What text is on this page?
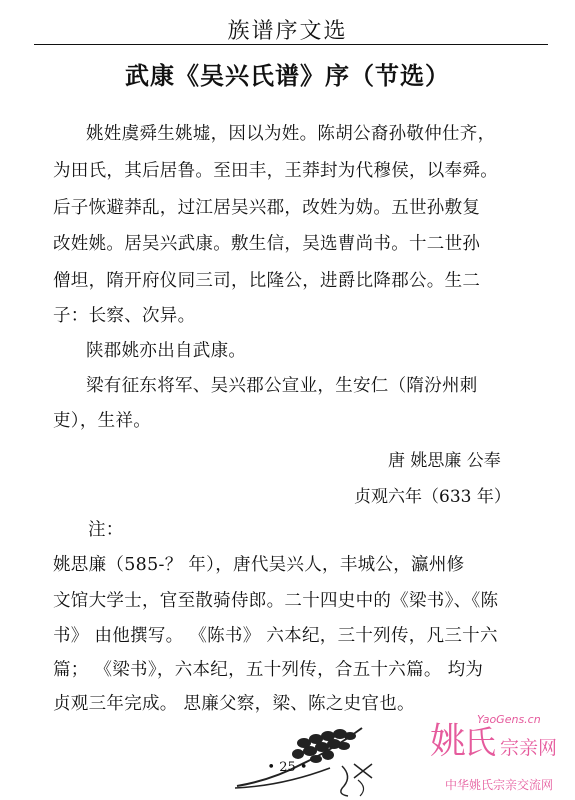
族谱序文选
武康《吴兴氏谱》序（节选）
姚姓虞舜生姚墟，因以为姓。陈胡公裔孙敬仲仕齐，
为田氏，其后居鲁。至田丰，王莽封为代穆侯，以奉舜。
后子恢避莽乱，过江居吴兴郡，改姓为妫。五世孙敷复
改姓姚。居吴兴武康。敷生信，吴选曹尚书。十二世孙
僧坦，隋开府仪同三司，比隆公，进爵比降郡公。生二
子：长察、次异。
陕郡姚亦出自武康。
梁有征东将军、吴兴郡公宣业，生安仁（隋汾州刺
吏），生祥。
唐 姚思廉 公奉
贞观六年（633 年）
注：
姚思廉（585-？ 年），唐代吴兴人，丰城公，瀛州修
文馆大学士，官至散骑侍郎。二十四史中的《梁书》、《陈
书》 由他撰写。 《陈书》 六本纪，三十列传，凡三十六
篇； 《梁书》，六本纪，五十列传，合五十六篇。 均为
贞观三年完成。 思廉父察，梁、陈之史官也。
• 25 •
姚
氏
YaoGens.cn
宗亲网
中华姚氏宗亲交流网
